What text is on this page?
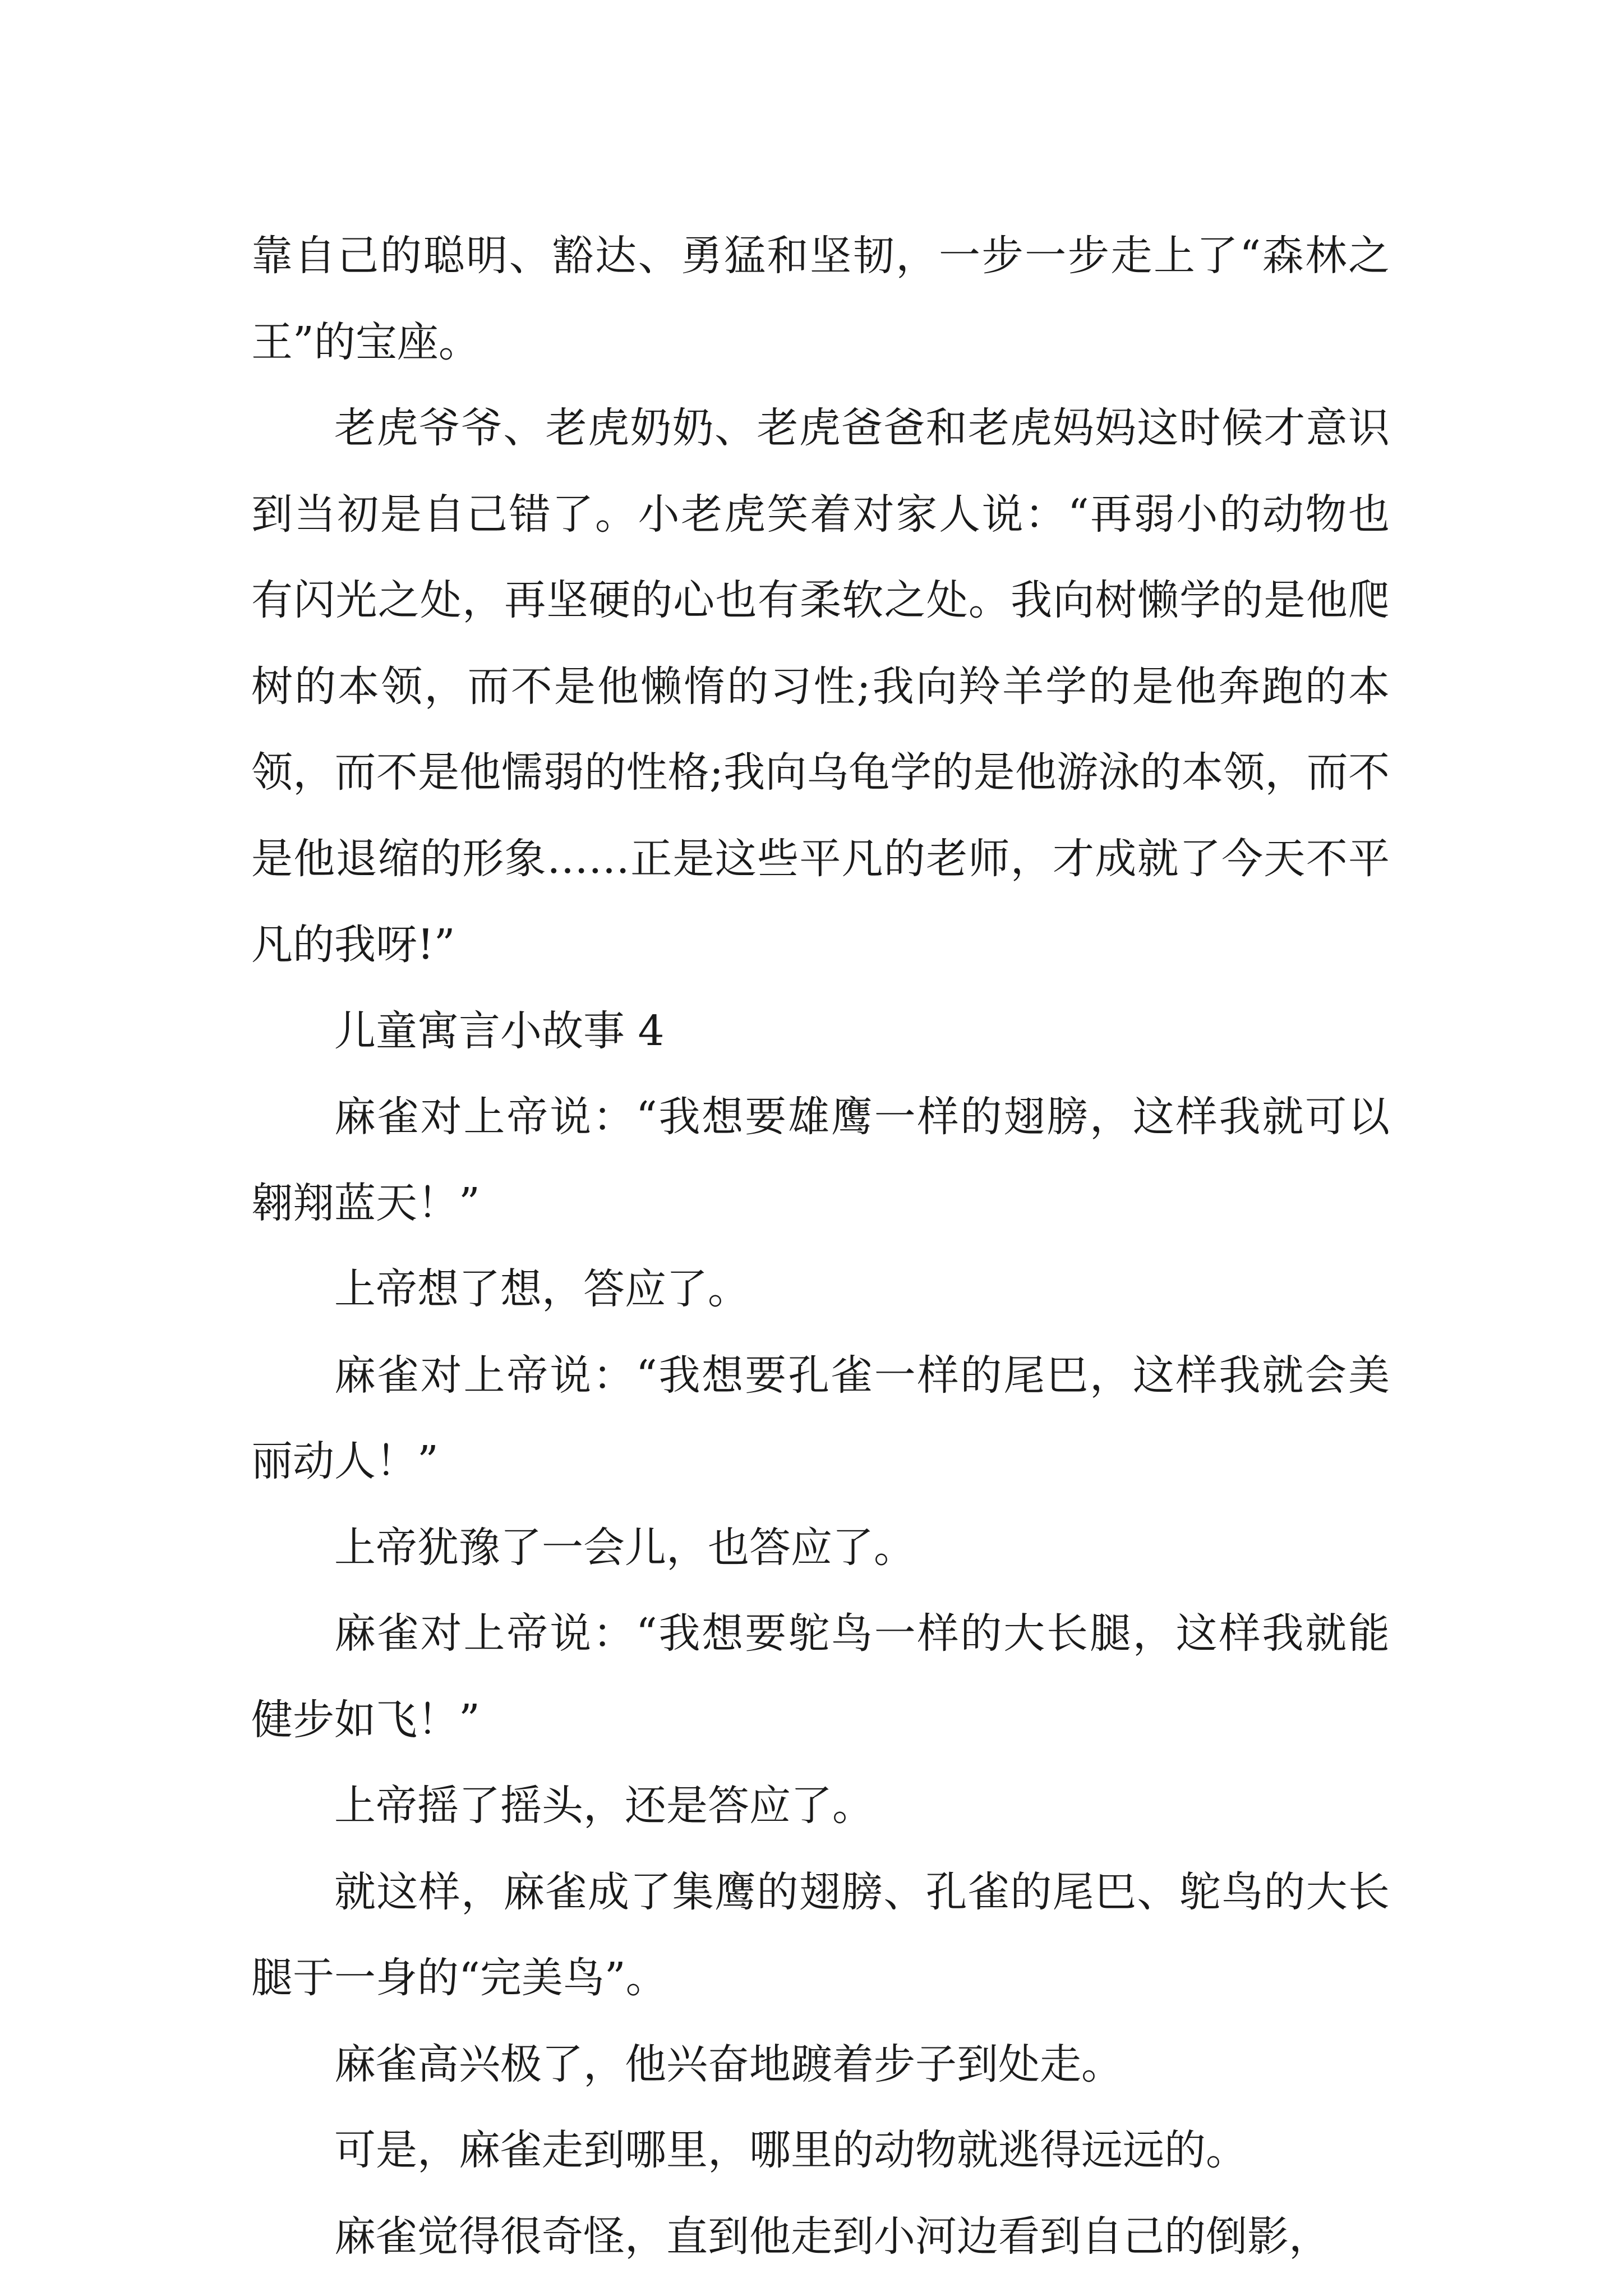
靠自己的聪明、豁达、勇猛和坚韧，一步一步走上了“森林之王”的宝座。

老虎爷爷、老虎奶奶、老虎爸爸和老虎妈妈这时候才意识到当初是自己错了。小老虎笑着对家人说：“再弱小的动物也有闪光之处，再坚硬的心也有柔软之处。我向树懒学的是他爬树的本领，而不是他懒惰的习性;我向羚羊学的是他奔跑的本领，而不是他懦弱的性格;我向乌龟学的是他游泳的本领，而不是他退缩的形象……正是这些平凡的老师，才成就了今天不平凡的我呀!”

儿童寓言小故事 4

麻雀对上帝说：“我想要雄鹰一样的翅膀，这样我就可以翱翔蓝天！”

上帝想了想，答应了。

麻雀对上帝说：“我想要孔雀一样的尾巴，这样我就会美丽动人！”

上帝犹豫了一会儿，也答应了。

麻雀对上帝说：“我想要鸵鸟一样的大长腿，这样我就能健步如飞！”

上帝摇了摇头，还是答应了。

就这样，麻雀成了集鹰的翅膀、孔雀的尾巴、鸵鸟的大长腿于一身的“完美鸟”。

麻雀高兴极了，他兴奋地踱着步子到处走。

可是，麻雀走到哪里，哪里的动物就逃得远远的。

麻雀觉得很奇怪，直到他走到小河边看到自己的倒影，
